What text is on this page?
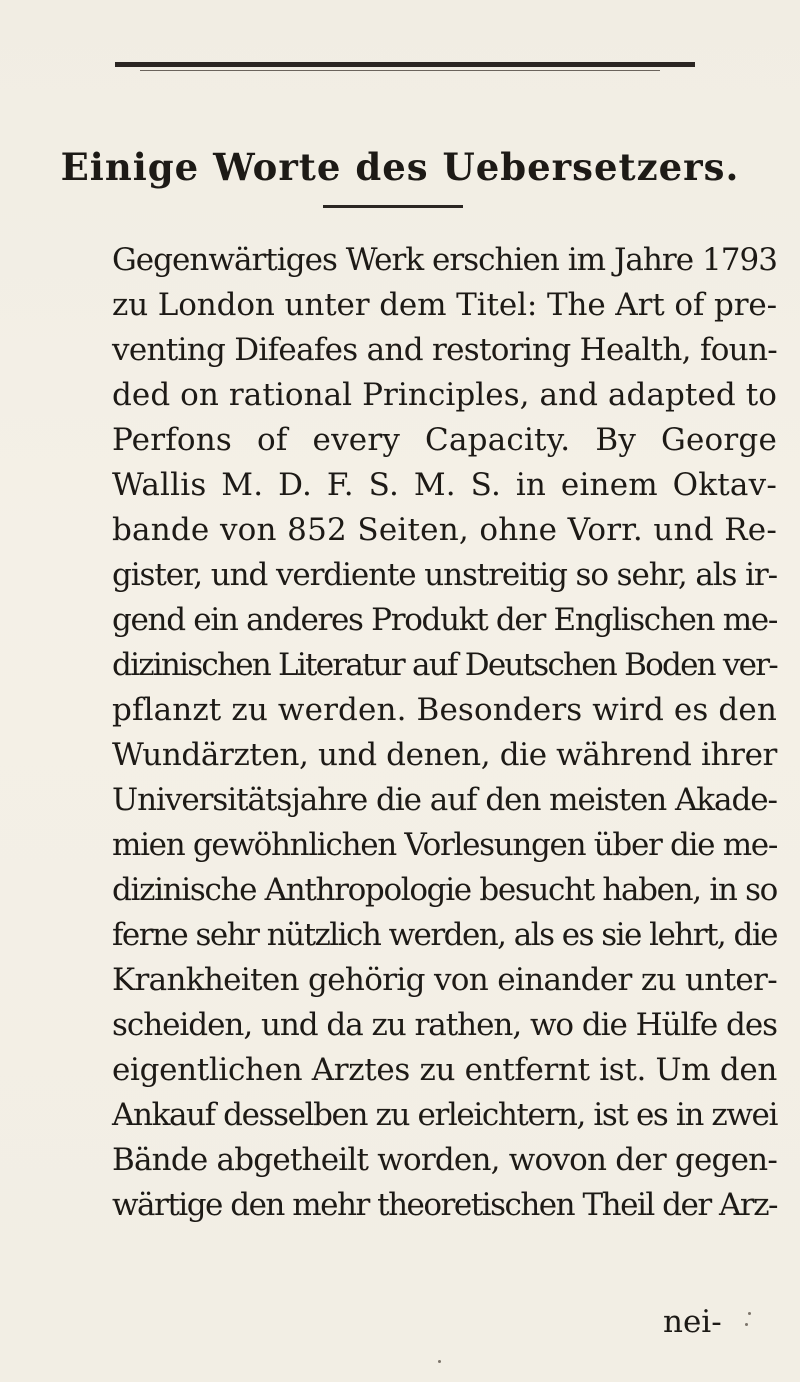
Einige Worte des Uebersetzers.
Gegenwärtiges Werk erschien im Jahre 1793
zu London unter dem Titel: The Art of pre-
venting Difeafes and restoring Health, foun-
ded on rational Principles, and adapted to
Perfons of every Capacity. By George
Wallis M. D. F. S. M. S. in einem Oktav-
bande von 852 Seiten, ohne Vorr. und Re-
gister, und verdiente unstreitig so sehr, als ir-
gend ein anderes Produkt der Englischen me-
dizinischen Literatur auf Deutschen Boden ver-
pflanzt zu werden. Besonders wird es den
Wundärzten, und denen, die während ihrer
Universitätsjahre die auf den meisten Akade-
mien gewöhnlichen Vorlesungen über die me-
dizinische Anthropologie besucht haben, in so
ferne sehr nützlich werden, als es sie lehrt, die
Krankheiten gehörig von einander zu unter-
scheiden, und da zu rathen, wo die Hülfe des
eigentlichen Arztes zu entfernt ist. Um den
Ankauf desselben zu erleichtern, ist es in zwei
Bände abgetheilt worden, wovon der gegen-
wärtige den mehr theoretischen Theil der Arz-
nei-
